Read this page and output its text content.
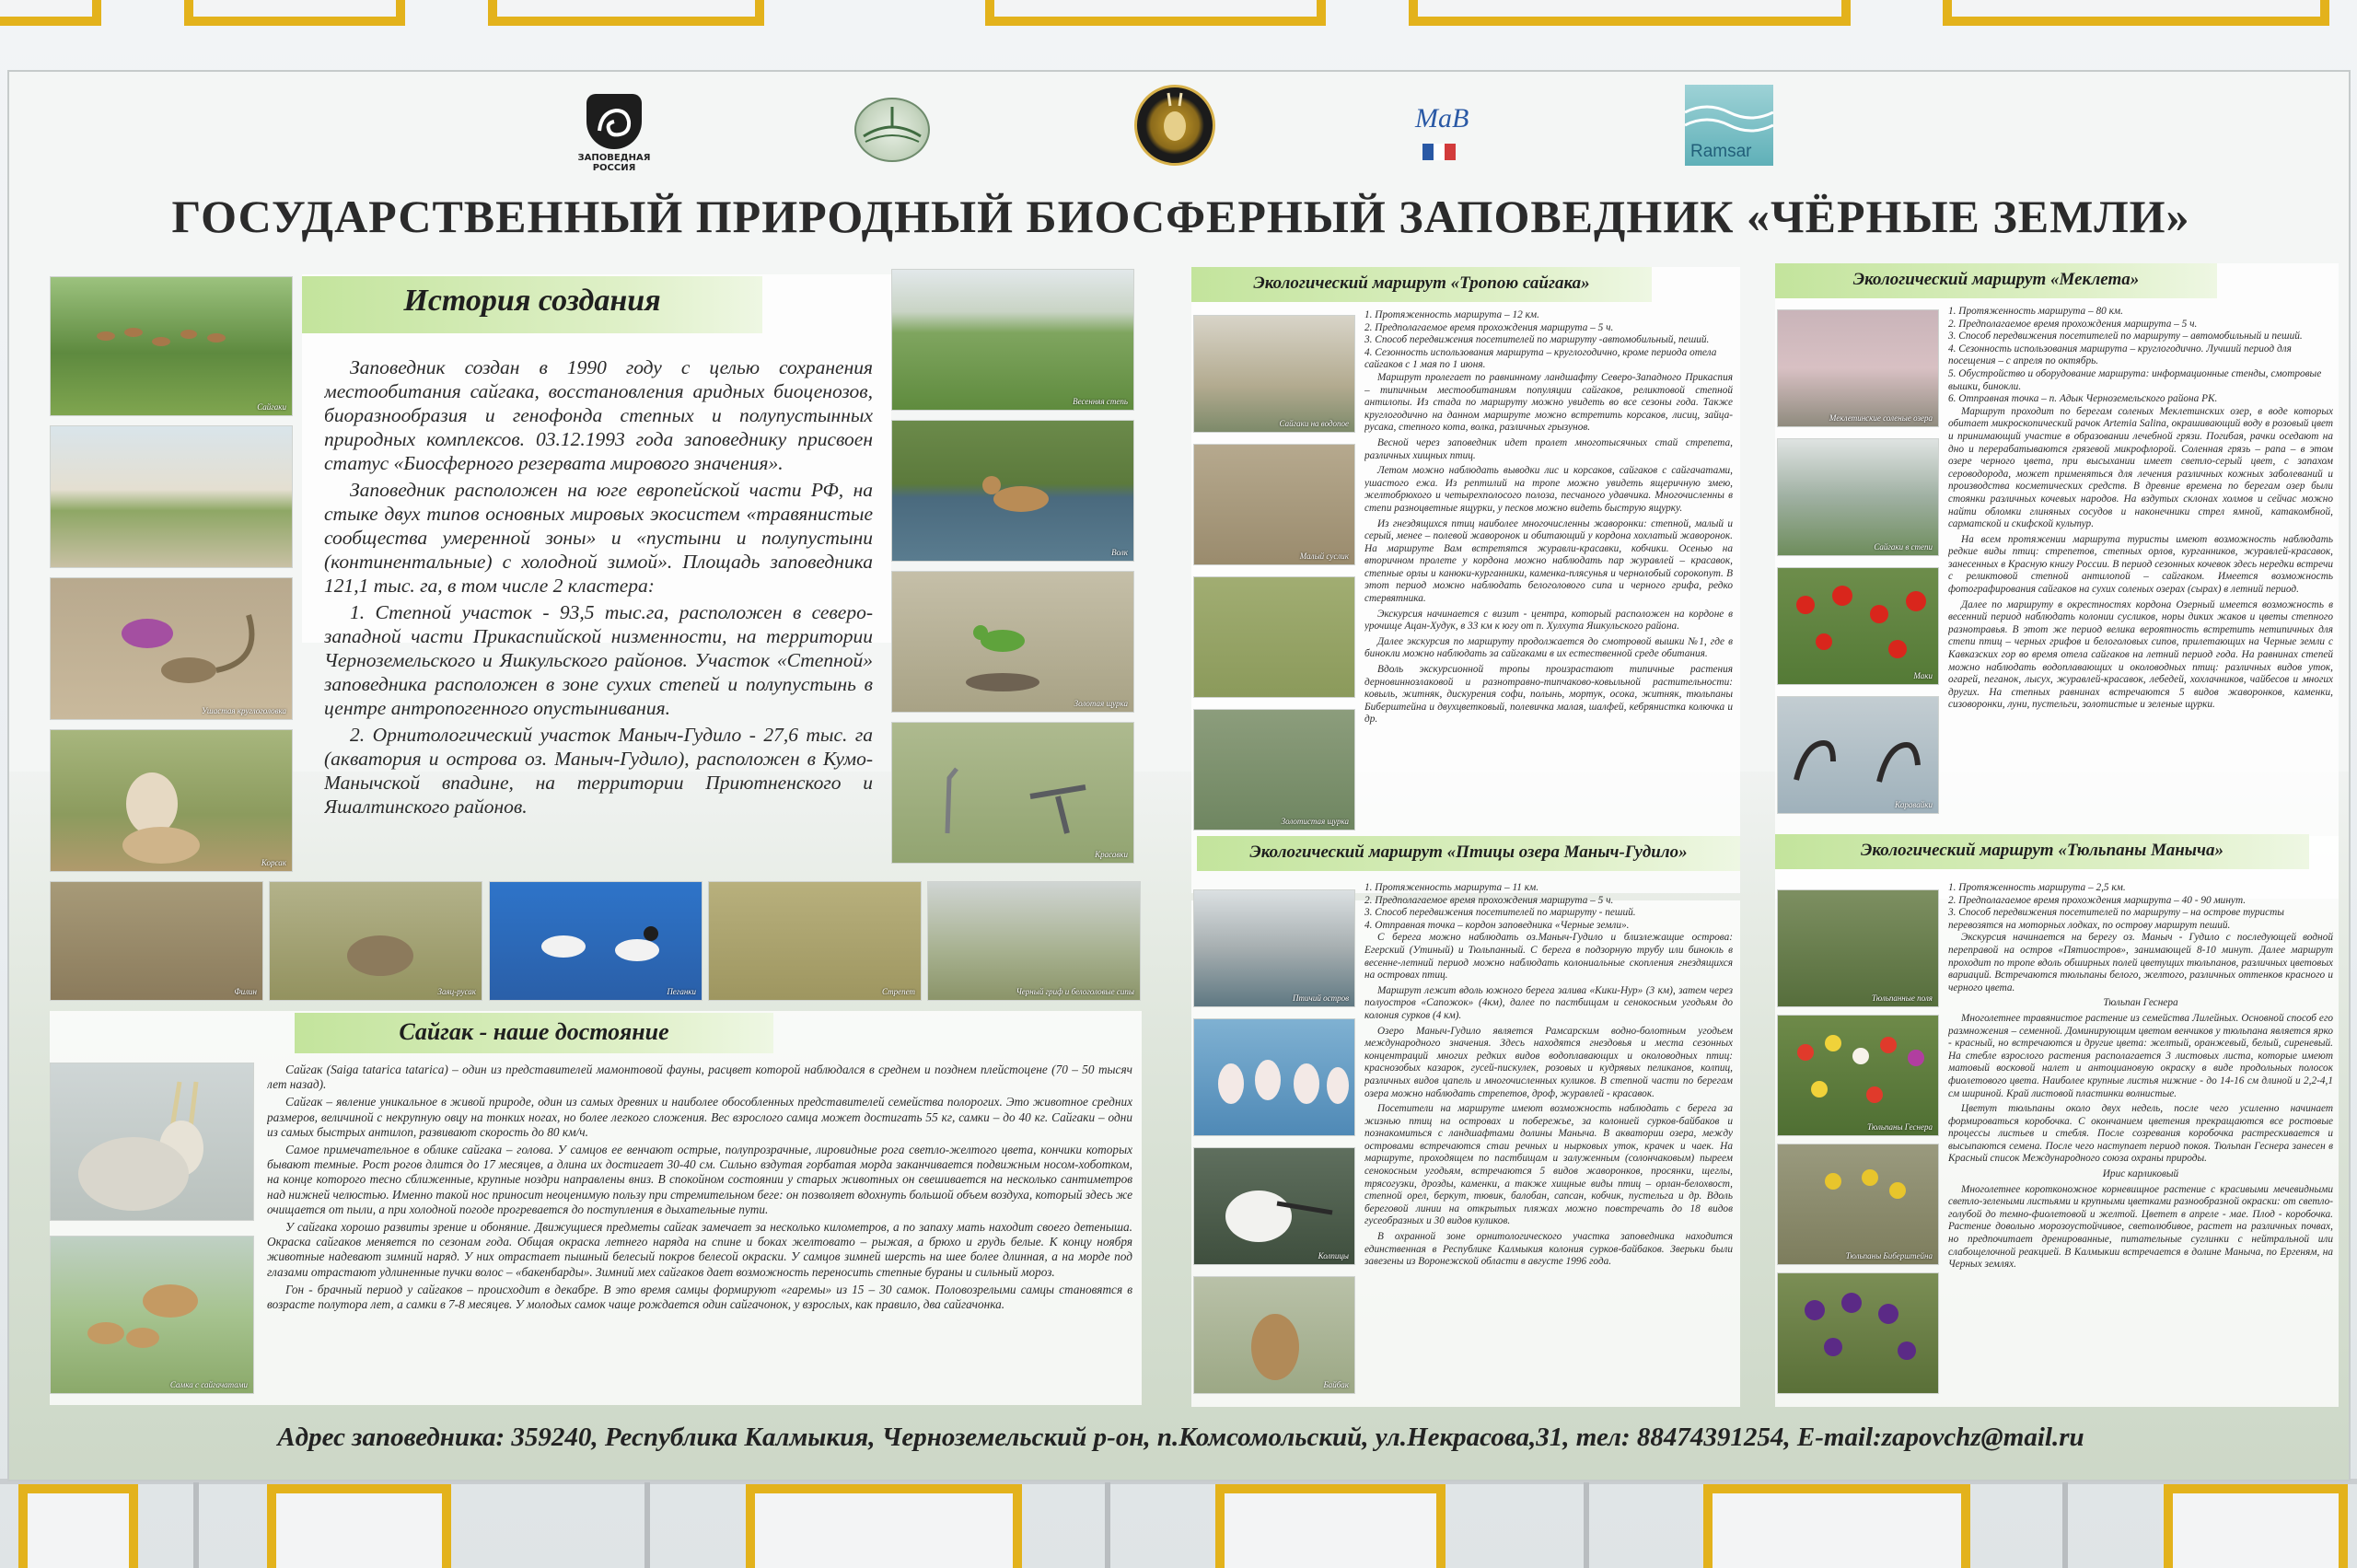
ЗАПОВЕДНАЯ РОССИЯ
MaB
Ramsar
ГОСУДАРСТВЕННЫЙ ПРИРОДНЫЙ БИОСФЕРНЫЙ ЗАПОВЕДНИК «ЧЁРНЫЕ ЗЕМЛИ»
История создания

Заповедник создан в 1990 году с целью сохранения местообитания сайгака, восстановления аридных биоценозов, биоразнообразия и генофонда степных и полупустынных природных комплексов. 03.12.1993 года заповеднику присвоен статус «Биосферного резервата мирового значения».

Заповедник расположен на юге европейской части РФ, на стыке двух типов основных мировых экосистем «травянистые сообщества умеренной зоны» и «пустыни и полупустыни (континентальные) с холодной зимой». Площадь заповедника 121,1 тыс. га, в том числе 2 кластера:

1. Степной участок - 93,5 тыс.га, расположен в северо-западной части Прикаспийской низменности, на территории Черноземельского и Яшкульского районов. Участок «Степной» заповедника расположен в зоне сухих степей и полупустынь в центре антропогенного опустынивания.

2. Орнитологический участок Маныч-Гудило - 27,6 тыс. га (акватория и острова оз. Маныч-Гудило), расположен в Кумо-Манычской впадине, на территории Приютненского и Яшалтинского районов.

Сайгаки
Ушастая круглоголовка
Корсак
Весенняя степь
Волк
Золотая щурка
Красавки
Филин	Заяц-русак	Пеганки	Стрепет	Черный гриф и белоголовые сипы
Сайгак - наше достояние
Самка с сайгачатами

Сайгак (Saiga tatarica tatarica) – один из представителей мамонтовой фауны, расцвет которой наблюдался в среднем и позднем плейстоцене (70 – 50 тысяч лет назад).

Сайгак – явление уникальное в живой природе, один из самых древних и наиболее обособленных представителей семейства полорогих. Это животное средних размеров, величиной с некрупную овцу на тонких ногах, но более легкого сложения. Вес взрослого самца может достигать 55 кг, самки – до 40 кг. Сайгаки – одни из самых быстрых антилоп, развивают скорость до 80 км/ч.

Самое примечательное в облике сайгака – голова. У самцов ее венчают острые, полупрозрачные, лировидные рога светло-желтого цвета, кончики которых бывают темные. Рост рогов длится до 17 месяцев, а длина их достигает 30-40 см. Сильно вздутая горбатая морда заканчивается подвижным носом-хоботком, на конце которого тесно сближенные, крупные ноздри направлены вниз. В спокойном состоянии у старых животных он свешивается на несколько сантиметров над нижней челюстью. Именно такой нос приносит неоценимую пользу при стремительном беге: он позволяет вдохнуть большой объем воздуха, который здесь же очищается от пыли, а при холодной погоде прогревается до поступления в дыхательные пути.

У сайгака хорошо развиты зрение и обоняние. Движущиеся предметы сайгак замечает за несколько километров, а по запаху мать находит своего детеныша. Окраска сайгаков меняется по сезонам года. Общая окраска летнего наряда на спине и боках желтовато – рыжая, а брюхо и грудь белые. К концу ноября животные надевают зимний наряд. У них отрастает пышный белесый покров белесой окраски. У самцов зимней шерсть на шее более длинная, а на морде под глазами отрастают удлиненные пучки волос – «бакенбарды». Зимний мех сайгаков дает возможность переносить степные бураны и сильный мороз.

Гон - брачный период у сайгаков – происходит в декабре. В это время самцы формируют «гаремы» из 15 – 30 самок. Половозрелыми самцы становятся в возрасте полутора лет, а самки в 7-8 месяцев. У молодых самок чаще рождается один сайгачонок, у взрослых, как правило, два сайгачонка.

Экологический маршрут «Тропою сайгака»
Сайгаки на водопое
Малый суслик
Золотистая щурка
1. Протяженность маршрута – 12 км.
2. Предполагаемое время прохождения маршрута – 5 ч.
3. Способ передвижения посетителей по маршруту -автомобильный, пеший.
4. Сезонность использования маршрута – круглогодично, кроме периода отела сайгаков с 1 мая по 1 июня.

Маршрут пролегает по равнинному ландшафту Северо-Западного Прикаспия – типичным местообитаниям популяции сайгаков, реликтовой степной антилопы. Из стада по маршруту можно увидеть во все сезоны года. Также круглогодично на данном маршруте можно встретить корсаков, лисиц, зайца-русака, степного кота, волка, различных грызунов.

Весной через заповедник идет пролет многотысячных стай стрепета, различных хищных птиц.

Летом можно наблюдать выводки лис и корсаков, сайгаков с сайгачатами, ушастого ежа. Из рептилий на тропе можно увидеть ящеричную змею, желтобрюхого и четырехполосого полоза, песчаного удавчика. Многочисленны в степи разноцветные ящурки, у песков можно видеть быструю ящурку.

Из гнездящихся птиц наиболее многочисленны жаворонки: степной, малый и серый, менее – полевой жаворонок и обитающий у кордона хохлатый жаворонок. На маршруте Вам встретятся журавли-красавки, кобчики. Осенью на вторичном пролете у кордона можно наблюдать пар журавлей – красавок, степные орлы и канюки-курганники, каменка-плясунья и чернолобый сорокопут. В этот период можно наблюдать белоголового сипа и черного грифа, редко стервятника.

Экскурсия начинается с визит - центра, который расположен на кордоне в урочище Ацан-Худук, в 33 км к югу от п. Хулхута Яшкульского района.

Далее экскурсия по маршруту продолжается до смотровой вышки №1, где в бинокли можно наблюдать за сайгаками в их естественной среде обитания.

Вдоль экскурсионной тропы произрастают типичные растения дерновиннозлаковой и разнотравно-типчаково-ковыльной растительности: ковыль, житняк, дискурения софи, полынь, мортук, осока, житняк, тюльпаны Биберштейна и двухцветковый, полевичка малая, шалфей, кебрянистка колючка и др.

Экологический маршрут «Птицы озера Маныч-Гудило»
Птичий остров
Колпицы
Байбак
1. Протяженность маршрута – 11 км.
2. Предполагаемое время прохождения маршрута – 5 ч.
3. Способ передвижения посетителей по маршруту - пеший.
4. Отправная точка – кордон заповедника «Черные земли».

С берега можно наблюдать оз.Маныч-Гудило и близлежащие острова: Егерский (Утиный) и Тюльпанный. С берега в подзорную трубу или бинокль в весенне-летний период можно наблюдать колониальные скопления гнездящихся на островах птиц.

Маршрут лежит вдоль южного берега залива «Кики-Нур» (3 км), затем через полуостров «Сапожок» (4км), далее по пастбищам и сенокосным угодьям до колония сурков (4 км).

Озеро Маныч-Гудило является Рамсарским водно-болотным угодьем международного значения. Здесь находятся гнездовья и места сезонных концентраций многих редких видов водоплавающих и околоводных птиц: краснозобых казарок, гусей-пискулек, розовых и кудрявых пеликанов, колпиц, различных видов цапель и многочисленных куликов. В степной части по берегам озера можно наблюдать стрепетов, дроф, журавлей - красавок.

Посетители на маршруте имеют возможность наблюдать с берега за жизнью птиц на островах и побережье, за колонией сурков-байбаков и познакомиться с ландшафтами долины Маныча. В акватории озера, между островами встречаются стаи речных и нырковых уток, крачек и чаек. На маршруте, проходящем по пастбищам и залуженным (солончаковым) пыреем сенокосным угодьям, встречаются 5 видов жаворонков, просянки, щеглы, трясогузки, дрозды, каменки, а также хищные виды птиц – орлан-белохвост, степной орел, беркут, тювик, балобан, сапсан, кобчик, пустельга и др. Вдоль береговой линии на открытых пляжах можно повстречать до 18 видов гусеобразных и 30 видов куликов.

В охранной зоне орнитологического участка заповедника находится единственная в Республике Калмыкия колония сурков-байбаков. Зверьки были завезены из Воронежской области в августе 1996 года.

Экологический маршрут «Меклета»
Меклетинские соленые озера
Сайгаки в степи
Маки
Каравайки
1. Протяженность маршрута – 80 км.
2. Предполагаемое время прохождения маршрута – 5 ч.
3. Способ передвижения посетителей по маршруту – автомобильный и пеший.
4. Сезонность использования маршрута – круглогодично. Лучший период для посещения – с апреля по октябрь.
5. Обустройство и оборудование маршрута: информационные стенды, смотровые вышки, бинокли.
6. Отправная точка – п. Адык Черноземельского района РК.

Маршрут проходит по берегам соленых Меклетинских озер, в воде которых обитает микроскопический рачок Artemia Salina, окрашивающий воду в розовый цвет и принимающий участие в образовании лечебной грязи. Погибая, рачки оседают на дно и перерабатываются грязевой микрофлорой. Соленная грязь – рапа – в этом озере черного цвета, при высыхании имеет светло-серый цвет, с запахом сероводорода, может применяться для лечения различных кожных заболеваний и производства косметических средств. В древние времена по берегам озер были стоянки различных кочевых народов. На вздутых склонах холмов и сейчас можно найти обломки глиняных сосудов и наконечники стрел ямной, катакомбной, сарматской и скифской культур.

На всем протяжении маршрута туристы имеют возможность наблюдать редкие виды птиц: стрепетов, степных орлов, курганников, журавлей-красавок, занесенных в Красную книгу России. В период сезонных кочевок здесь нередки встречи с реликтовой степной антилопой – сайгаком. Имеется возможность фотографирования сайгаков на сухих соленых озерах (сырах) в летний период.

Далее по маршруту в окрестностях кордона Озерный имеется возможность в весенний период наблюдать колонии сусликов, норы диких жаков и цветы степного разнотравья. В этот же период велика вероятность встретить нетипичных для степи птиц – черных грифов и белоголовых сипов, прилетающих на Черные земли с Кавказских гор во время отела сайгаков на летний период года. На равнинах степей можно наблюдать водоплавающих и околоводных птиц: различных видов уток, огарей, пеганок, лысух, журавлей-красавок, лебедей, хохлачников, чайбесов и многих других. На степных равнинах встречаются 5 видов жаворонков, каменки, сизоворонки, луни, пустельги, золотистые и зеленые щурки.

Экологический маршрут «Тюльпаны Маныча»
Тюльпанные поля
Тюльпаны Геснера
Тюльпаны Биберштейна
1. Протяженность маршрута – 2,5 км.
2. Предполагаемое время прохождения маршрута – 40 - 90 минут.
3. Способ передвижения посетителей по маршруту – на острове туристы перевозятся на моторных лодках, по острову маршрут пеший.

Экскурсия начинается на берегу оз. Маныч - Гудило с последующей водной переправой на остров «Пятиостров», занимающей 8-10 минут. Далее маршрут проходит по тропе вдоль обширных полей цветущих тюльпанов, различных цветовых вариаций. Встречаются тюльпаны белого, желтого, различных оттенков красного и черного цвета.

Тюльпан Геснера

Многолетнее травянистое растение из семейства Лилейных. Основной способ его размножения – семенной. Доминирующим цветом венчиков у тюльпана является ярко - красный, но встречаются и другие цвета: желтый, оранжевый, белый, сиреневый. На стебле взрослого растения располагается 3 листовых листа, которые имеют матовый восковой налет и антоциановую окраску в виде продольных полосок фиолетового цвета. Наиболее крупные листья нижние - до 14-16 см длиной и 2,2-4,1 см шириной. Край листовой пластинки волнистые.

Цветут тюльпаны около двух недель, после чего усиленно начинает формироваться коробочка. С окончанием цветения прекращаются все ростовые процессы листьев и стебля. После созревания коробочка растрескивается и высыпаются семена. После чего наступает период покоя. Тюльпан Геснера занесен в Красный список Международного союза охраны природы.

Ирис карликовый

Многолетнее коротконожное корневищное растение с красивыми мечевидными светло-зелеными листьями и крупными цветками разнообразной окраски: от светло-голубой до темно-фиолетовой и желтой. Цветет в апреле - мае. Плод - коробочка. Растение довольно морозоустойчивое, светолюбивое, растет на различных почвах, но предпочитает дренированные, питательные суглинки с нейтральной или слабощелочной реакцией. В Калмыкии встречается в долине Маныча, по Ергеням, на Черных землях.

Адрес заповедника: 359240, Республика Калмыкия, Черноземельский р-он, п.Комсомольский, ул.Некрасова,31, тел: 88474391254, E-mail:zapovchz@mail.ru
